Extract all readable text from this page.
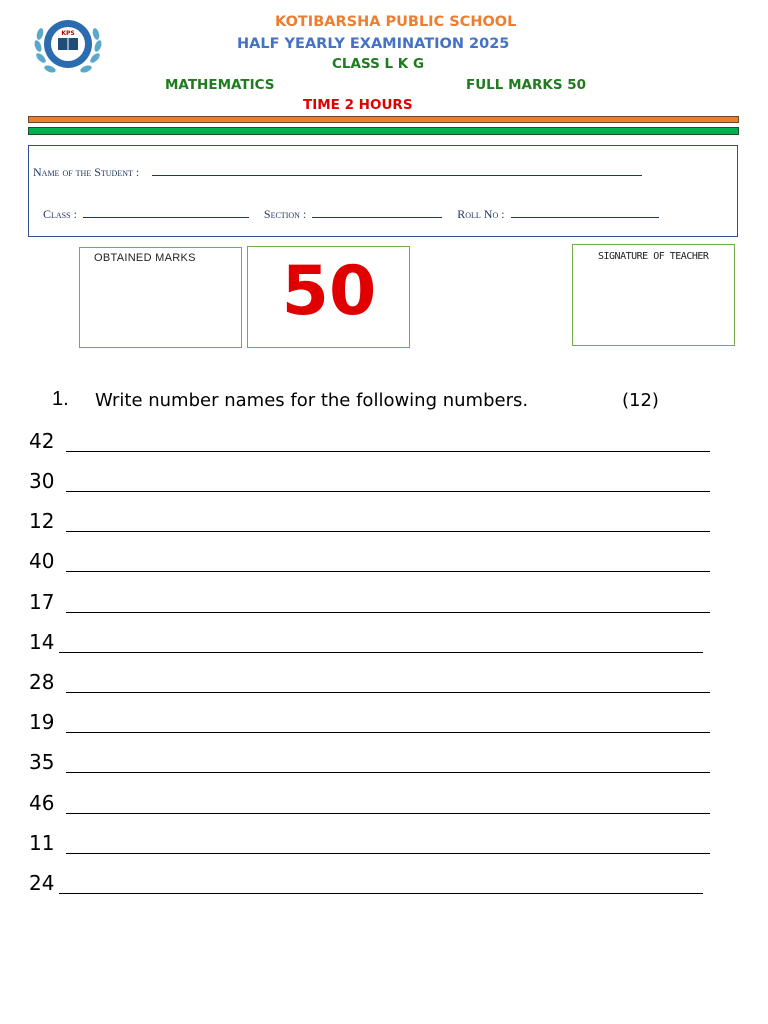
KPS
KOTIBARSHA PUBLIC SCHOOL
HALF YEARLY EXAMINATION 2025
CLASS L K G
MATHEMATICS	FULL MARKS 50
TIME 2 HOURS
Name of the Student :
Class :	Section :	Roll No :
OBTAINED MARKS	50	SIGNATURE OF TEACHER
1. Write number names for the following numbers.	(12)
42
30
12
40
17
14
28
19
35
46
11
24
